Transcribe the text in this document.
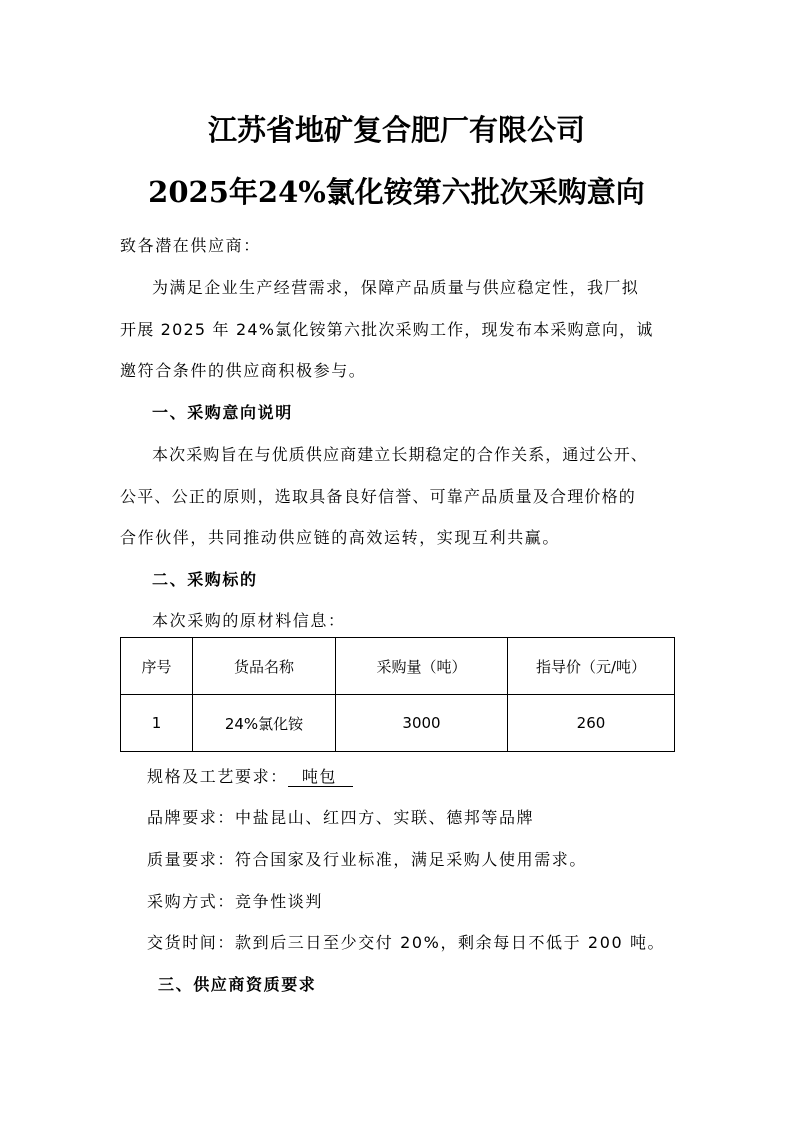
江苏省地矿复合肥厂有限公司
2025年24%氯化铵第六批次采购意向
致各潜在供应商：
为满足企业生产经营需求，保障产品质量与供应稳定性，我厂拟
开展 2025 年 24%氯化铵第六批次采购工作，现发布本采购意向，诚
邀符合条件的供应商积极参与。
一、采购意向说明
本次采购旨在与优质供应商建立长期稳定的合作关系，通过公开、
公平、公正的原则，选取具备良好信誉、可靠产品质量及合理价格的
合作伙伴，共同推动供应链的高效运转，实现互利共赢。
二、采购标的
本次采购的原材料信息：
序号	货品名称	采购量（吨）	指导价（元/吨）
1	24%氯化铵	3000	260
规格及工艺要求： 吨包
品牌要求：中盐昆山、红四方、实联、德邦等品牌
质量要求：符合国家及行业标准，满足采购人使用需求。
采购方式：竞争性谈判
交货时间：款到后三日至少交付 20%，剩余每日不低于 200 吨。
三、供应商资质要求
